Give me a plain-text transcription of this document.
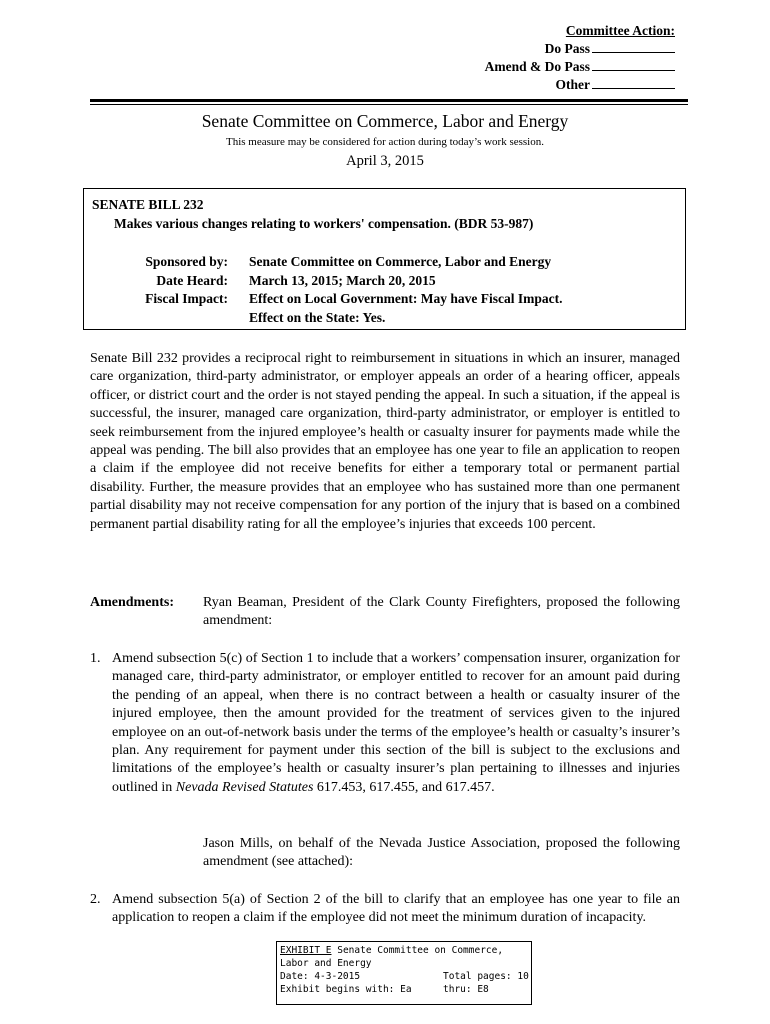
Committee Action:
Do Pass
Amend & Do Pass
Other
Senate Committee on Commerce, Labor and Energy
This measure may be considered for action during today’s work session.
April 3, 2015
SENATE BILL 232
Makes various changes relating to workers' compensation. (BDR 53-987)
Sponsored by: Senate Committee on Commerce, Labor and Energy
Date Heard: March 13, 2015; March 20, 2015
Fiscal Impact: Effect on Local Government: May have Fiscal Impact.
Effect on the State: Yes.
Senate Bill 232 provides a reciprocal right to reimbursement in situations in which an insurer, managed care organization, third-party administrator, or employer appeals an order of a hearing officer, appeals officer, or district court and the order is not stayed pending the appeal. In such a situation, if the appeal is successful, the insurer, managed care organization, third-party administrator, or employer is entitled to seek reimbursement from the injured employee’s health or casualty insurer for payments made while the appeal was pending. The bill also provides that an employee has one year to file an application to reopen a claim if the employee did not receive benefits for either a temporary total or permanent partial disability. Further, the measure provides that an employee who has sustained more than one permanent partial disability may not receive compensation for any portion of the injury that is based on a combined permanent partial disability rating for all the employee’s injuries that exceeds 100 percent.
Amendments: Ryan Beaman, President of the Clark County Firefighters, proposed the following amendment:
1. Amend subsection 5(c) of Section 1 to include that a workers’ compensation insurer, organization for managed care, third-party administrator, or employer entitled to recover for an amount paid during the pending of an appeal, when there is no contract between a health or casualty insurer of the injured employee, then the amount provided for the treatment of services given to the injured employee on an out-of-network basis under the terms of the employee’s health or casualty’s insurer’s plan. Any requirement for payment under this section of the bill is subject to the exclusions and limitations of the employee’s health or casualty insurer’s plan pertaining to illnesses and injuries outlined in Nevada Revised Statutes 617.453, 617.455, and 617.457.
Jason Mills, on behalf of the Nevada Justice Association, proposed the following amendment (see attached):
2. Amend subsection 5(a) of Section 2 of the bill to clarify that an employee has one year to file an application to reopen a claim if the employee did not meet the minimum duration of incapacity.
EXHIBIT E Senate Committee on Commerce,
Labor and Energy
Date: 4-3-2015	Total pages: 10
Exhibit begins with: Ea	thru: E8
